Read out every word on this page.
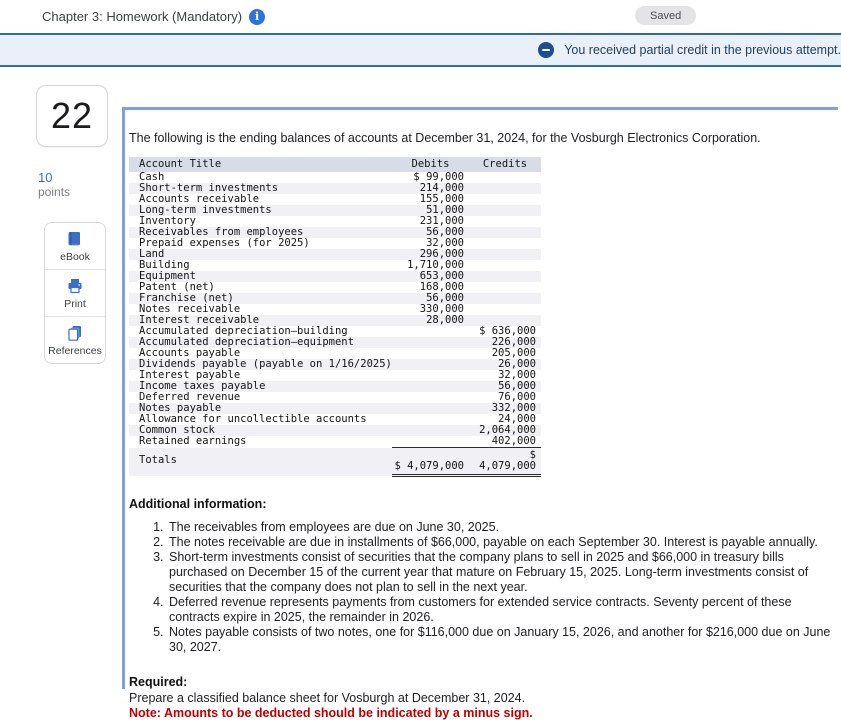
Chapter 3: Homework (Mandatory)	i	Saved
You received partial credit in the previous attempt.
22
10
points
eBook
Print
References

The following is the ending balances of accounts at December 31, 2024, for the Vosburgh Electronics Corporation.

Account Title	Debits	Credits
Cash	$ 99,000	
Short-term investments	214,000	
Accounts receivable	155,000	
Long-term investments	51,000	
Inventory	231,000	
Receivables from employees	56,000	
Prepaid expenses (for 2025)	32,000	
Land	296,000	
Building	1,710,000	
Equipment	653,000	
Patent (net)	168,000	
Franchise (net)	56,000	
Notes receivable	330,000	
Interest receivable	28,000	
Accumulated depreciation—building		$ 636,000
Accumulated depreciation—equipment		226,000
Accounts payable		205,000
Dividends payable (payable on 1/16/2025)		26,000
Interest payable		32,000
Income taxes payable		56,000
Deferred revenue		76,000
Notes payable		332,000
Allowance for uncollectible accounts		24,000
Common stock		2,064,000
Retained earnings		402,000
Totals	$ 4,079,000	$ 4,079,000
Additional information:
1. The receivables from employees are due on June 30, 2025.
2. The notes receivable are due in installments of $66,000, payable on each September 30. Interest is payable annually.
3. Short-term investments consist of securities that the company plans to sell in 2025 and $66,000 in treasury bills purchased on December 15 of the current year that mature on February 15, 2025. Long-term investments consist of securities that the company does not plan to sell in the next year.
4. Deferred revenue represents payments from customers for extended service contracts. Seventy percent of these contracts expire in 2025, the remainder in 2026.
5. Notes payable consists of two notes, one for $116,000 due on January 15, 2026, and another for $216,000 due on June 30, 2027.
Required:
Prepare a classified balance sheet for Vosburgh at December 31, 2024.
Note: Amounts to be deducted should be indicated by a minus sign.
